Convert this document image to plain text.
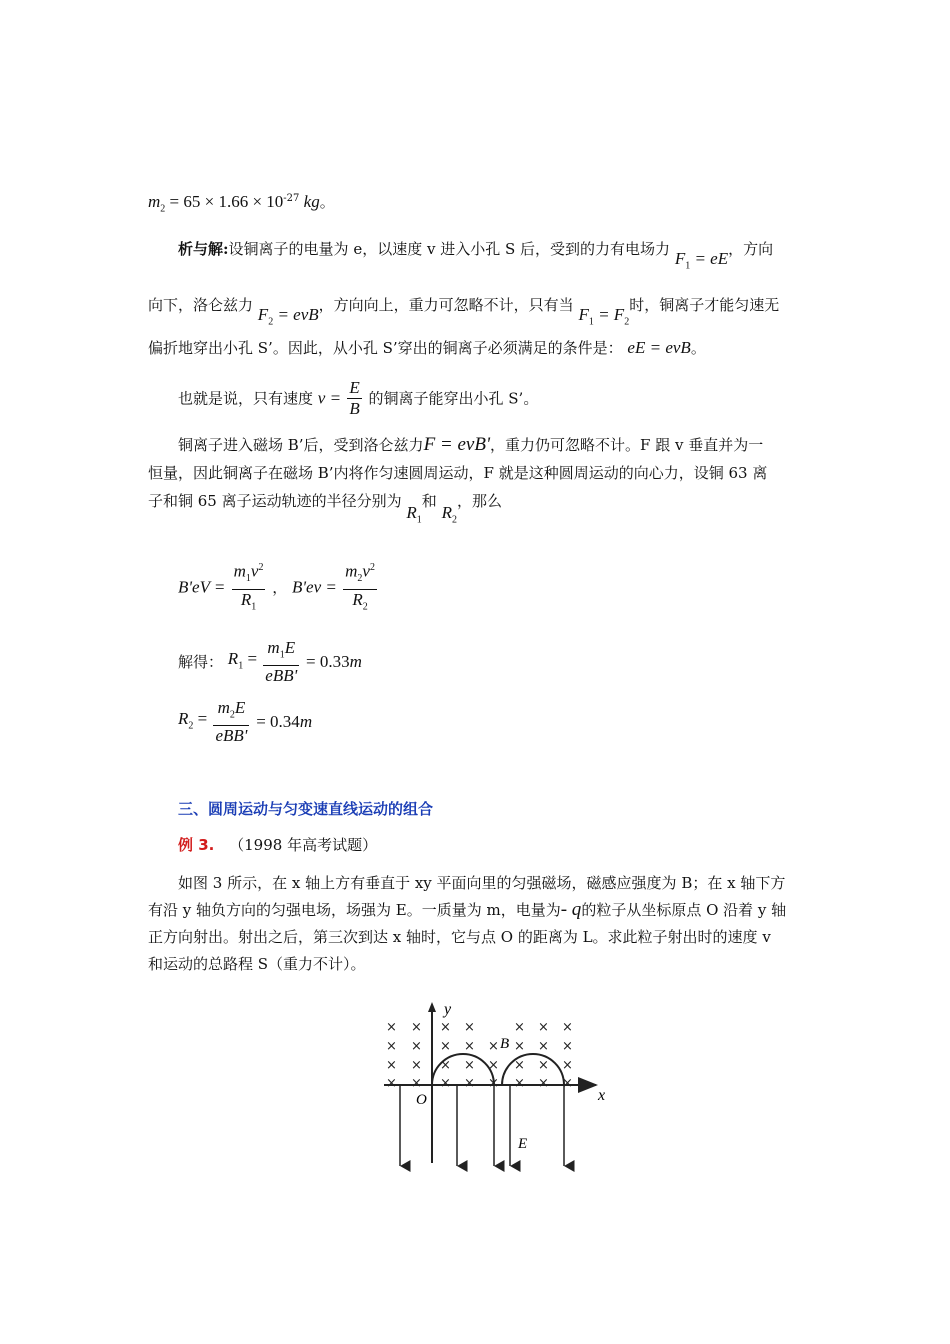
$m_2 = 65 \times 1.66 \times 10^{-27}$ kg。
析与解:设铜离子的电量为 e，以速度 v 进入小孔 S 后，受到的力有电场力 $F_1$ = eE，方向
向下，洛仑兹力 $F_2$ = evB，方向向上，重力可忽略不计，只有当 $F_1 = F_2$时，铜离子才能匀速无
偏折地穿出小孔 S’。因此，从小孔 S’穿出的铜离子必须满足的条件是： eE = evB。
也就是说，只有速度 $v = \frac{E}{B}$ 的铜离子能穿出小孔 S’。
铜离子进入磁场 B’后，受到洛仑兹力F = evB'，重力仍可忽略不计。F 跟 v 垂直并为一
恒量，因此铜离子在磁场 B’内将作匀速圆周运动，F 就是这种圆周运动的向心力，设铜 63 离
子和铜 65 离子运动轨迹的半径分别为 $R_1$和 $R_2$，那么
$B'eV = \frac{m_1v^2}{R_1}$ ， $B'ev = \frac{m_2v^2}{R_2}$
解得： $R_1 = \frac{m_1E}{\text{eBB'}} = 0.33m$
$R_2 = \frac{m_2E}{\text{eBB'}} = 0.34m$
三、圆周运动与匀变速直线运动的组合
例 3. （1998 年高考试题）
如图 3 所示，在 x 轴上方有垂直于 xy 平面向里的匀强磁场，磁感应强度为 B；在 x 轴下方
有沿 y 轴负方向的匀强电场，场强为 E。一质量为 m，电量为- q的粒子从坐标原点 O 沿着 y 轴
正方向射出。射出之后，第三次到达 x 轴时，它与点 O 的距离为 L。求此粒子射出时的速度 v
和运动的总路程 S（重力不计）。
× × × ×	× × ×
× × × × × × × ×
× × × × × × × ×
× × × × × × × ×
y
x
O
B
E
